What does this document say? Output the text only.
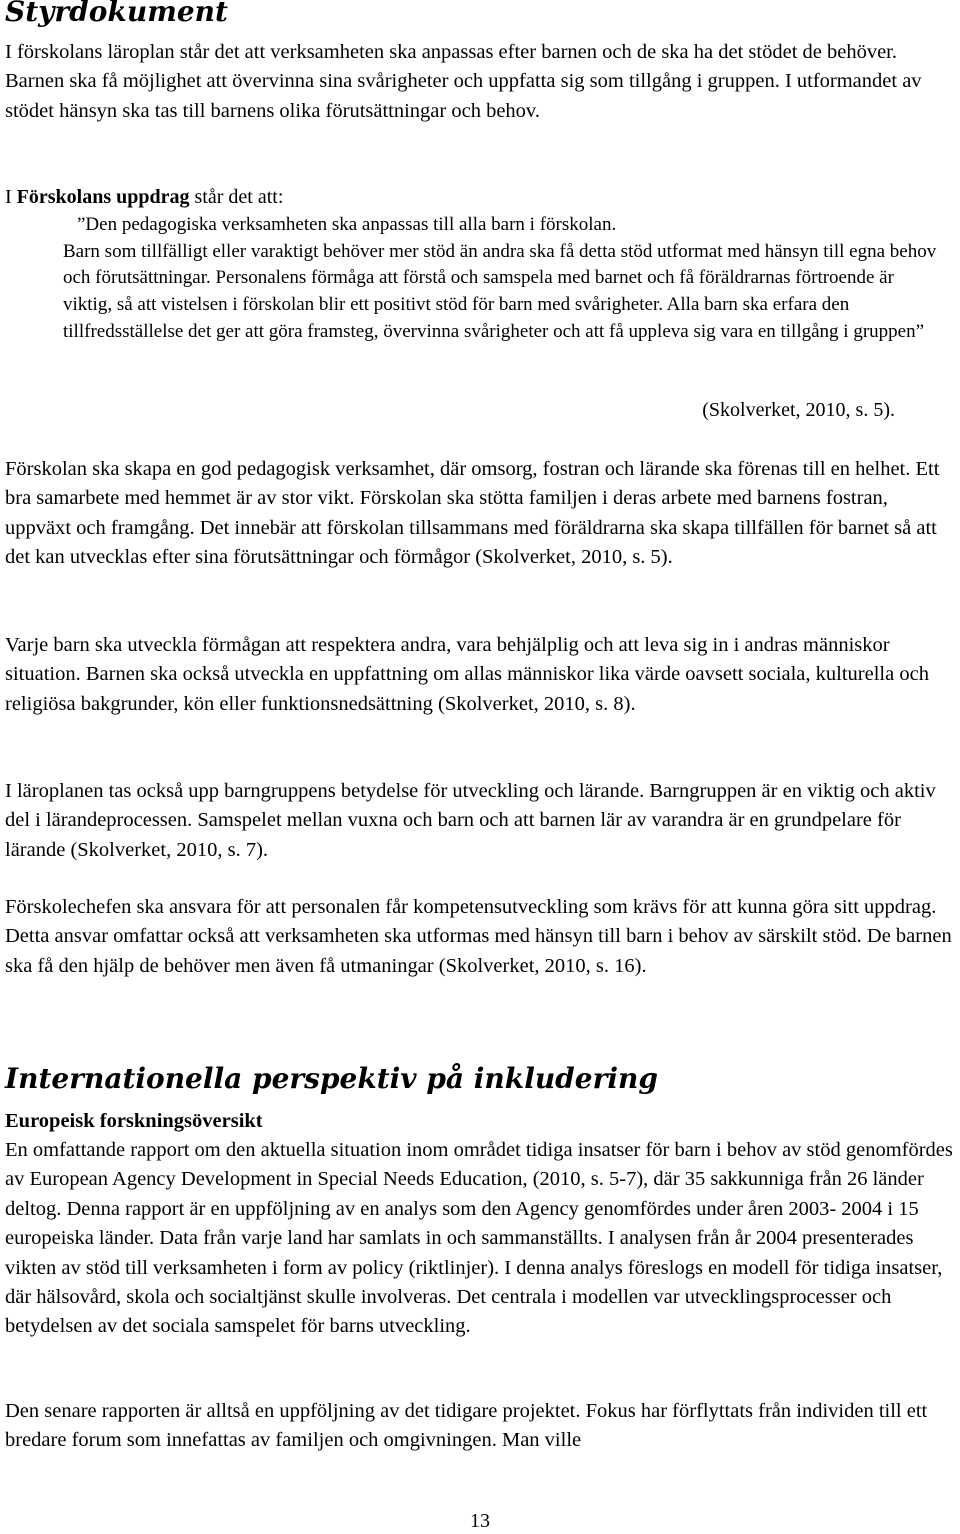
Styrdokument

I förskolans läroplan står det att verksamheten ska anpassas efter barnen och de ska ha det stödet de behöver. Barnen ska få möjlighet att övervinna sina svårigheter och uppfatta sig som tillgång i gruppen. I utformandet av stödet hänsyn ska tas till barnens olika förutsättningar och behov.

I Förskolans uppdrag står det att:

”Den pedagogiska verksamheten ska anpassas till alla barn i förskolan.
Barn som tillfälligt eller varaktigt behöver mer stöd än andra ska få detta stöd utformat med hänsyn till egna behov och förutsättningar. Personalens förmåga att förstå och samspela med barnet och få föräldrarnas förtroende är viktig, så att vistelsen i förskolan blir ett positivt stöd för barn med svårigheter. Alla barn ska erfara den tillfredsställelse det ger att göra framsteg, övervinna svårigheter och att få uppleva sig vara en tillgång i gruppen”

(Skolverket, 2010, s. 5).

Förskolan ska skapa en god pedagogisk verksamhet, där omsorg, fostran och lärande ska förenas till en helhet. Ett bra samarbete med hemmet är av stor vikt. Förskolan ska stötta familjen i deras arbete med barnens fostran, uppväxt och framgång. Det innebär att förskolan tillsammans med föräldrarna ska skapa tillfällen för barnet så att det kan utvecklas efter sina förutsättningar och förmågor (Skolverket, 2010, s. 5).

Varje barn ska utveckla förmågan att respektera andra, vara behjälplig och att leva sig in i andras människor situation. Barnen ska också utveckla en uppfattning om allas människor lika värde oavsett sociala, kulturella och religiösa bakgrunder, kön eller funktionsnedsättning (Skolverket, 2010, s. 8).

I läroplanen tas också upp barngruppens betydelse för utveckling och lärande. Barngruppen är en viktig och aktiv del i lärandeprocessen. Samspelet mellan vuxna och barn och att barnen lär av varandra är en grundpelare för lärande (Skolverket, 2010, s. 7).

Förskolechefen ska ansvara för att personalen får kompetensutveckling som krävs för att kunna göra sitt uppdrag. Detta ansvar omfattar också att verksamheten ska utformas med hänsyn till barn i behov av särskilt stöd. De barnen ska få den hjälp de behöver men även få utmaningar (Skolverket, 2010, s. 16).

Internationella perspektiv på inkludering

Europeisk forskningsöversikt

En omfattande rapport om den aktuella situation inom området tidiga insatser för barn i behov av stöd genomfördes av European Agency Development in Special Needs Education, (2010, s. 5-7), där 35 sakkunniga från 26 länder deltog. Denna rapport är en uppföljning av en analys som den Agency genomfördes under åren 2003- 2004 i 15 europeiska länder. Data från varje land har samlats in och sammanställts. I analysen från år 2004 presenterades vikten av stöd till verksamheten i form av policy (riktlinjer). I denna analys föreslogs en modell för tidiga insatser, där hälsovård, skola och socialtjänst skulle involveras. Det centrala i modellen var utvecklingsprocesser och betydelsen av det sociala samspelet för barns utveckling.

Den senare rapporten är alltså en uppföljning av det tidigare projektet. Fokus har förflyttats från individen till ett bredare forum som innefattas av familjen och omgivningen. Man ville

13
